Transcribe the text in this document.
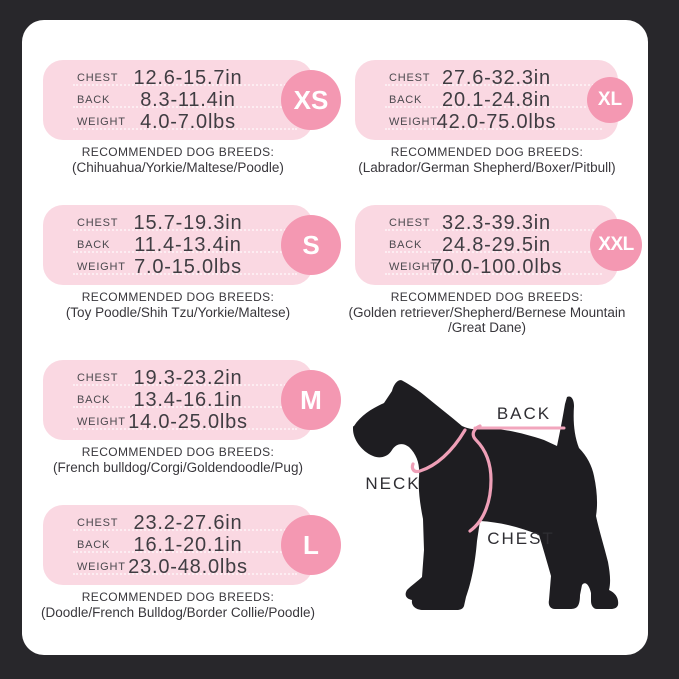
CHEST 12.6-15.7in
BACK	8.3-11.4in
WEIGHT 4.0-7.0lbs
XS
RECOMMENDED DOG BREEDS:
(Chihuahua/Yorkie/Maltese/Poodle)
CHEST 27.6-32.3in
BACK 20.1-24.8in
WEIGHT
42.0-75.0lbs
XL
RECOMMENDED DOG BREEDS:
(Labrador/German Shepherd/Boxer/Pitbull)
CHEST 15.7-19.3in
BACK	11.4-13.4in
WEIGHT 7.0-15.0lbs
S
RECOMMENDED DOG BREEDS:
(Toy Poodle/Shih Tzu/Yorkie/Maltese)
CHEST 32.3-39.3in
BACK 24.8-29.5in
WEIGHT
70.0-100.0lbs
XXL
RECOMMENDED DOG BREEDS:
(Golden retriever/Shepherd/Bernese Mountain
/Great Dane)
CHEST 19.3-23.2in
BACK	13.4-16.1in
WEIGHT 14.0-25.0lbs
M
RECOMMENDED DOG BREEDS:
(French bulldog/Corgi/Goldendoodle/Pug)
CHEST 23.2-27.6in
BACK	16.1-20.1in
WEIGHT 23.0-48.0lbs
L
RECOMMENDED DOG BREEDS:
(Doodle/French Bulldog/Border Collie/Poodle)
BACK
NECK
CHEST
